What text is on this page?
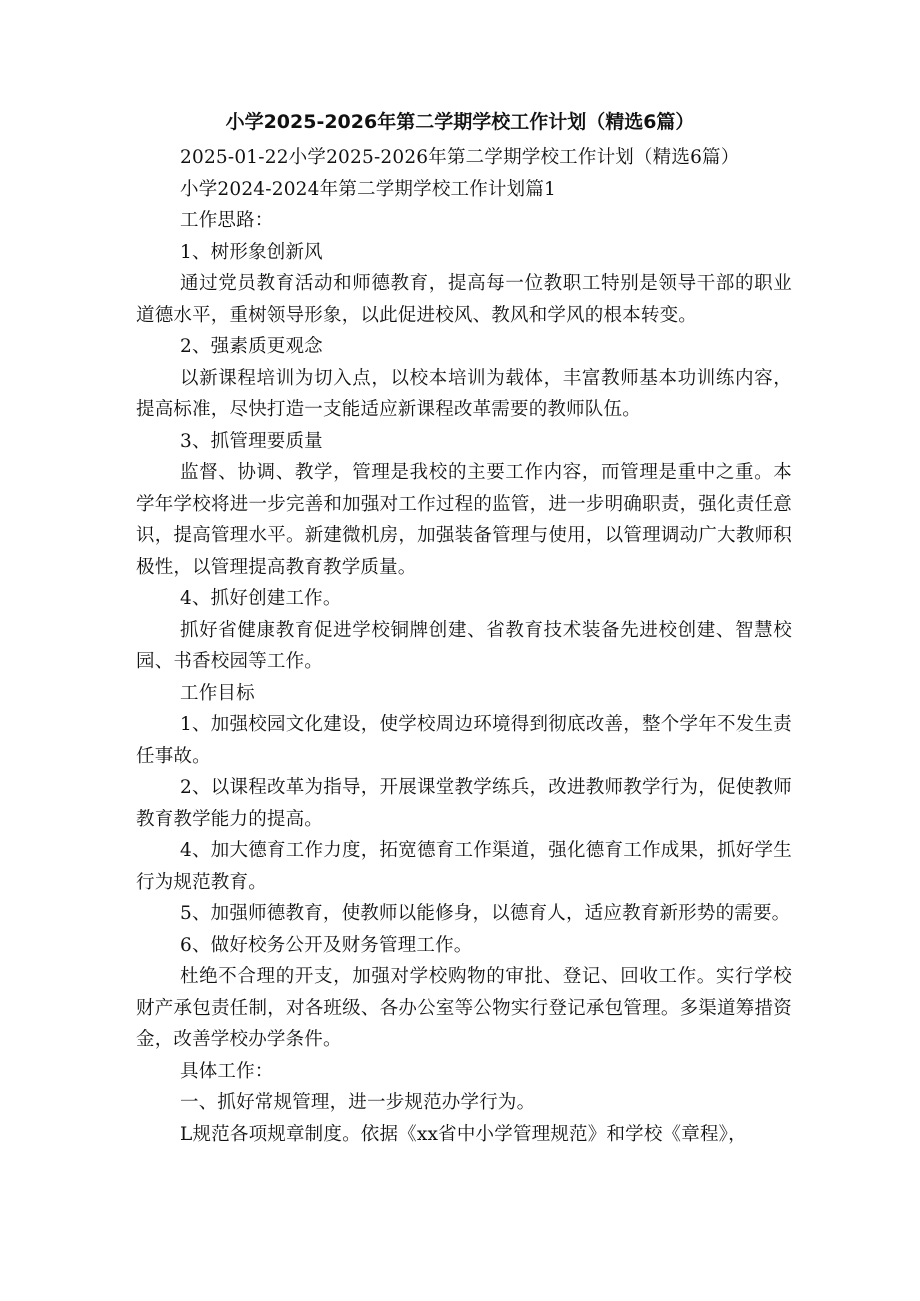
小学2025-2026年第二学期学校工作计划（精选6篇）

2025-01-22小学2025-2026年第二学期学校工作计划（精选6篇）

小学2024-2024年第二学期学校工作计划篇1

工作思路：

1、树形象创新风

通过党员教育活动和师德教育，提高每一位教职工特别是领导干部的职业道德水平，重树领导形象，以此促进校风、教风和学风的根本转变。

2、强素质更观念

以新课程培训为切入点，以校本培训为载体，丰富教师基本功训练内容，提高标准，尽快打造一支能适应新课程改革需要的教师队伍。

3、抓管理要质量

监督、协调、教学，管理是我校的主要工作内容，而管理是重中之重。本学年学校将进一步完善和加强对工作过程的监管，进一步明确职责，强化责任意识，提高管理水平。新建微机房，加强装备管理与使用，以管理调动广大教师积极性，以管理提高教育教学质量。

4、抓好创建工作。

抓好省健康教育促进学校铜牌创建、省教育技术装备先进校创建、智慧校园、书香校园等工作。

工作目标

1、加强校园文化建设，使学校周边环境得到彻底改善，整个学年不发生责任事故。

2、以课程改革为指导，开展课堂教学练兵，改进教师教学行为，促使教师教育教学能力的提高。

4、加大德育工作力度，拓宽德育工作渠道，强化德育工作成果，抓好学生行为规范教育。

5、加强师德教育，使教师以能修身，以德育人，适应教育新形势的需要。

6、做好校务公开及财务管理工作。

杜绝不合理的开支，加强对学校购物的审批、登记、回收工作。实行学校财产承包责任制，对各班级、各办公室等公物实行登记承包管理。多渠道筹措资金，改善学校办学条件。

具体工作：

一、抓好常规管理，进一步规范办学行为。

L规范各项规章制度。依据《xx省中小学管理规范》和学校《章程》，
